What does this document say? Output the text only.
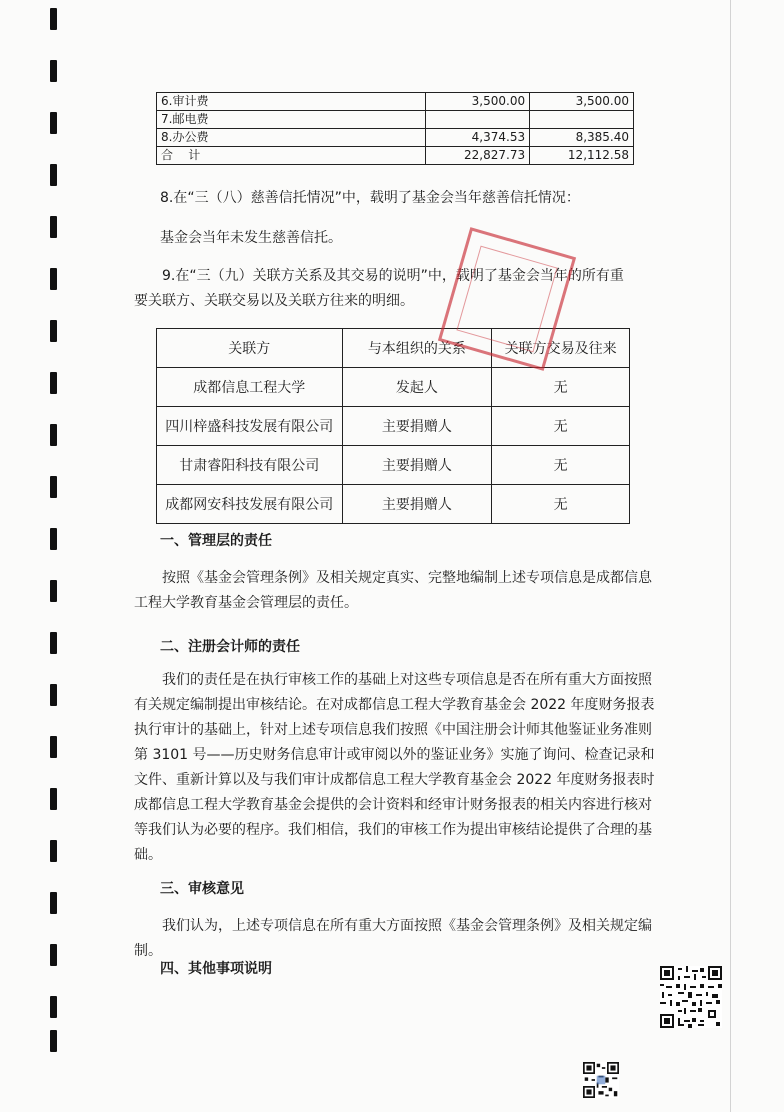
6.审计费	3,500.00	3,500.00
7.邮电费		
8.办公费	4,374.53	8,385.40
合    计	22,827.73	12,112.58

8.在“三（八）慈善信托情况”中，载明了基金会当年慈善信托情况：

基金会当年未发生慈善信托。

9.在“三（九）关联方关系及其交易的说明”中，载明了基金会当年的所有重要关联方、关联交易以及关联方往来的明细。

关联方	与本组织的关系	关联方交易及往来
成都信息工程大学	发起人	无
四川梓盛科技发展有限公司	主要捐赠人	无
甘肃睿阳科技有限公司	主要捐赠人	无
成都网安科技发展有限公司	主要捐赠人	无

一、管理层的责任

按照《基金会管理条例》及相关规定真实、完整地编制上述专项信息是成都信息工程大学教育基金会管理层的责任。

二、注册会计师的责任

我们的责任是在执行审核工作的基础上对这些专项信息是否在所有重大方面按照有关规定编制提出审核结论。在对成都信息工程大学教育基金会 2022 年度财务报表执行审计的基础上，针对上述专项信息我们按照《中国注册会计师其他鉴证业务准则第 3101 号——历史财务信息审计或审阅以外的鉴证业务》实施了询问、检查记录和文件、重新计算以及与我们审计成都信息工程大学教育基金会 2022 年度财务报表时成都信息工程大学教育基金会提供的会计资料和经审计财务报表的相关内容进行核对等我们认为必要的程序。我们相信，我们的审核工作为提出审核结论提供了合理的基础。

三、审核意见

我们认为，上述专项信息在所有重大方面按照《基金会管理条例》及相关规定编制。

四、其他事项说明
